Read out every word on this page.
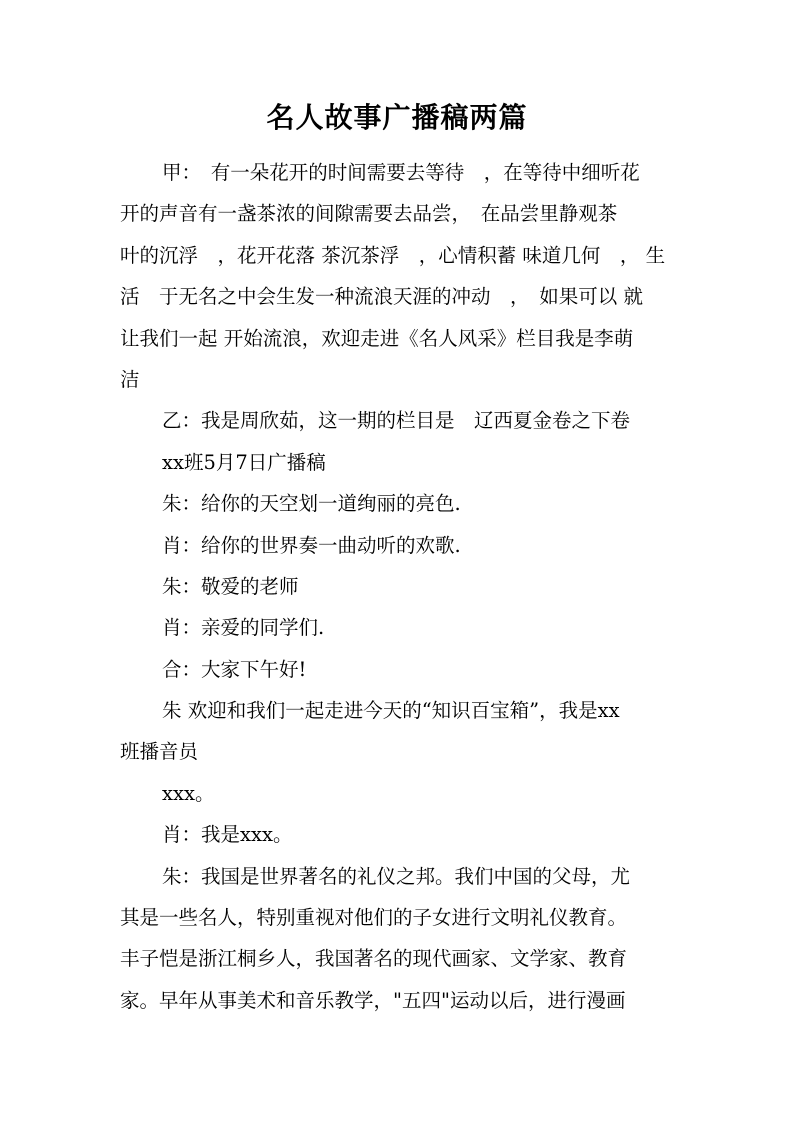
名人故事广播稿两篇

甲：　有一朵花开的时间需要去等待　，在等待中细听花

开的声音有一盏茶浓的间隙需要去品尝，　在品尝里静观茶

叶的沉浮　，花开花落 茶沉茶浮　，心情积蓄 味道几何　， 生

活　于无名之中会生发一种流浪天涯的冲动　，　如果可以 就

让我们一起 开始流浪，欢迎走进《名人风采》栏目我是李萌

洁

乙：我是周欣茹，这一期的栏目是　辽西夏金卷之下卷

xx班5月7日广播稿

朱：给你的天空划一道绚丽的亮色.

肖：给你的世界奏一曲动听的欢歌.

朱：敬爱的老师

肖：亲爱的同学们.

合：大家下午好!

朱 欢迎和我们一起走进今天的“知识百宝箱”，我是xx

班播音员

xxx。

肖：我是xxx。

朱：我国是世界著名的礼仪之邦。我们中国的父母，尤

其是一些名人，特别重视对他们的子女进行文明礼仪教育。

丰子恺是浙江桐乡人，我国著名的现代画家、文学家、教育

家。早年从事美术和音乐教学，"五四"运动以后，进行漫画
